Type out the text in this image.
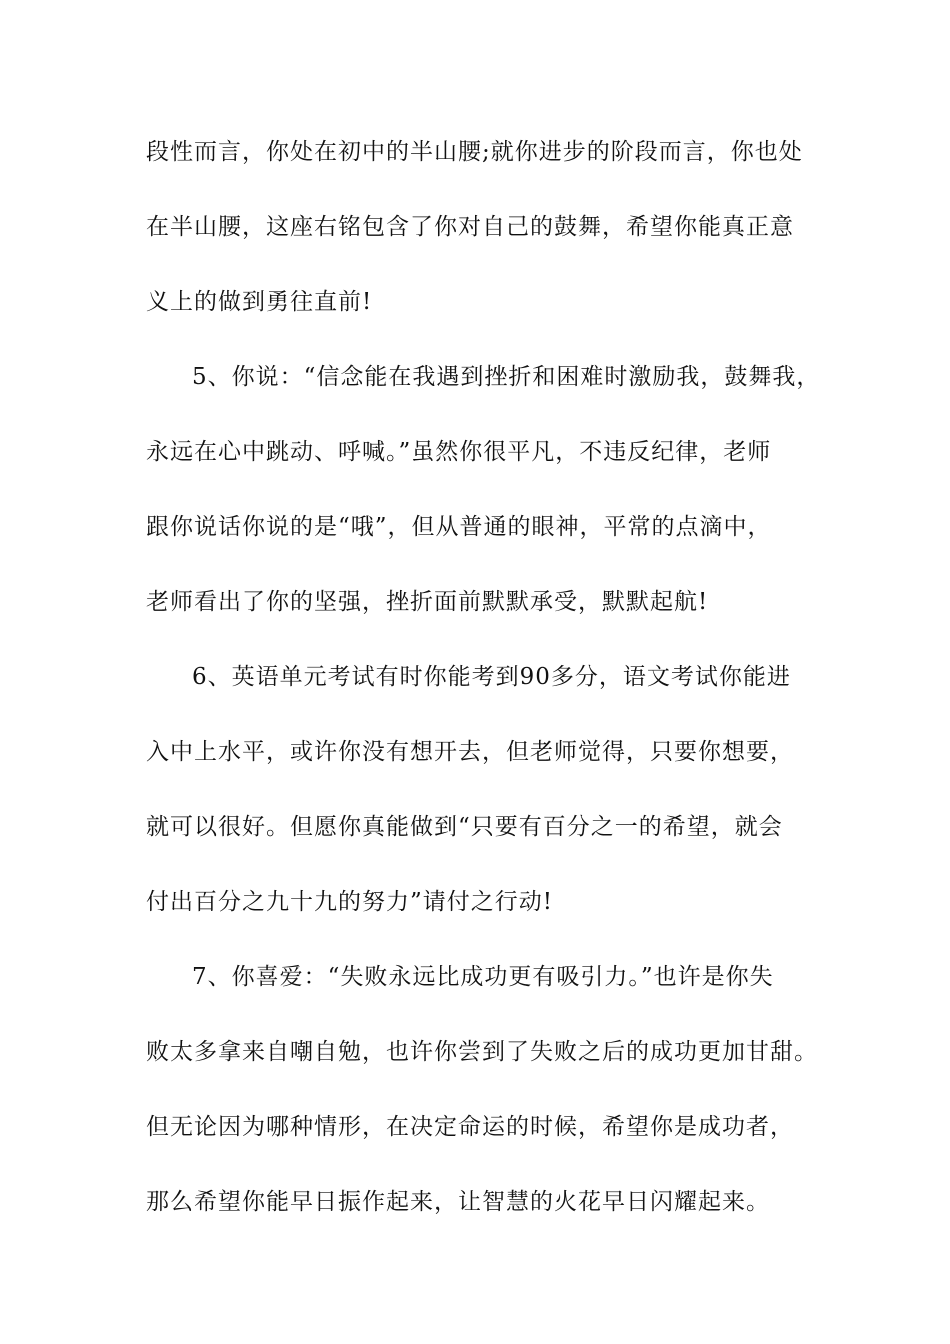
段性而言，你处在初中的半山腰;就你进步的阶段而言，你也处
在半山腰，这座右铭包含了你对自己的鼓舞，希望你能真正意
义上的做到勇往直前!
5、你说：“信念能在我遇到挫折和困难时激励我，鼓舞我，
永远在心中跳动、呼喊。”虽然你很平凡，不违反纪律，老师
跟你说话你说的是“哦”，但从普通的眼神，平常的点滴中，
老师看出了你的坚强，挫折面前默默承受，默默起航!
6、英语单元考试有时你能考到90多分，语文考试你能进
入中上水平，或许你没有想开去，但老师觉得，只要你想要，
就可以很好。但愿你真能做到“只要有百分之一的希望，就会
付出百分之九十九的努力”请付之行动!
7、你喜爱：“失败永远比成功更有吸引力。”也许是你失
败太多拿来自嘲自勉，也许你尝到了失败之后的成功更加甘甜。
但无论因为哪种情形，在决定命运的时候，希望你是成功者，
那么希望你能早日振作起来，让智慧的火花早日闪耀起来。
